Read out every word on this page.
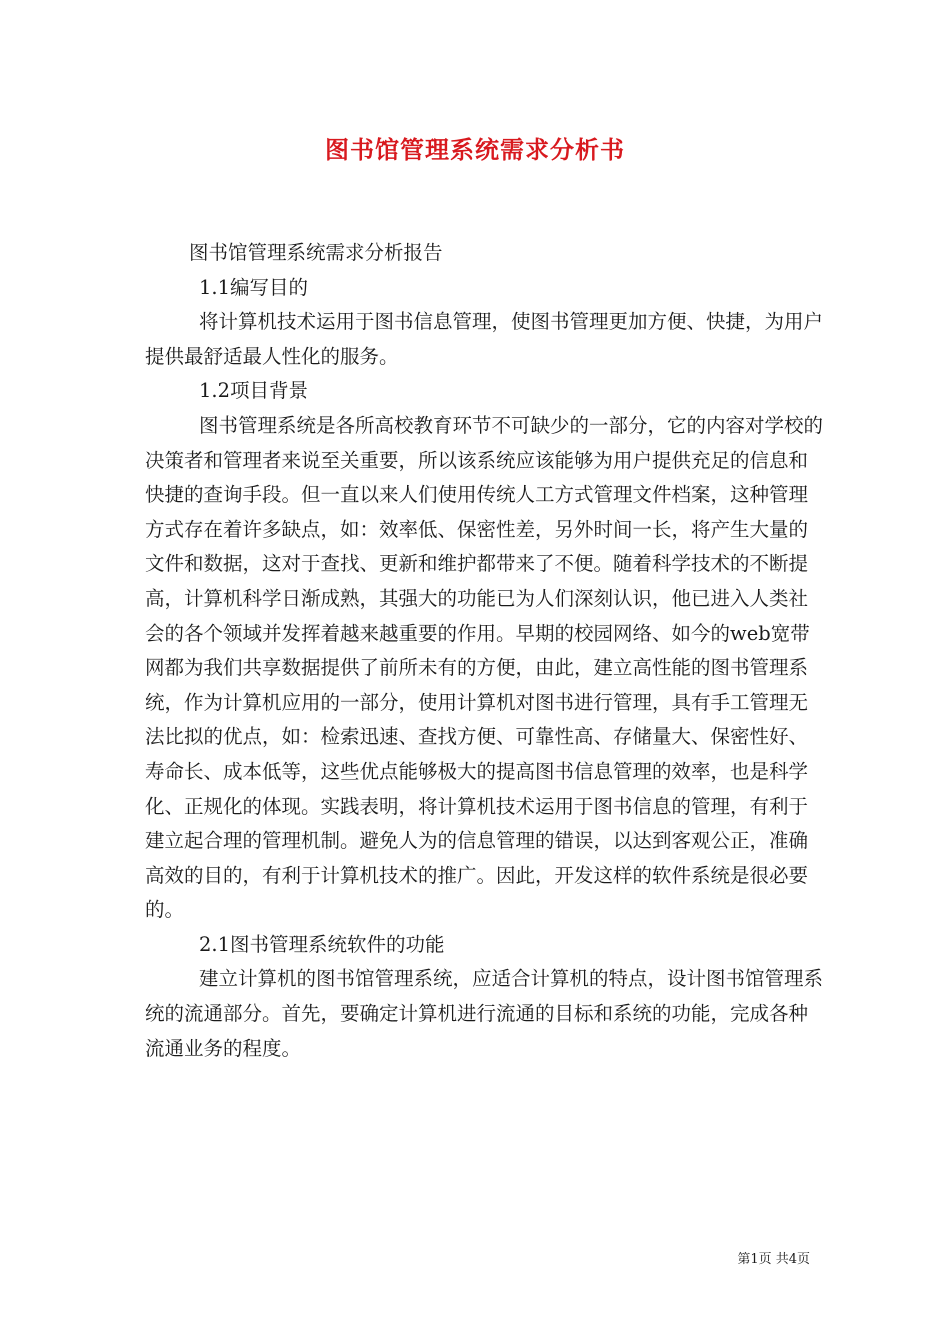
图书馆管理系统需求分析书

图书馆管理系统需求分析报告

1.1编写目的

将计算机技术运用于图书信息管理，使图书管理更加方便、快捷，为用户提供最舒适最人性化的服务。

1.2项目背景

图书管理系统是各所高校教育环节不可缺少的一部分，它的内容对学校的决策者和管理者来说至关重要，所以该系统应该能够为用户提供充足的信息和快捷的查询手段。但一直以来人们使用传统人工方式管理文件档案，这种管理方式存在着许多缺点，如：效率低、保密性差，另外时间一长，将产生大量的文件和数据，这对于查找、更新和维护都带来了不便。随着科学技术的不断提高，计算机科学日渐成熟，其强大的功能已为人们深刻认识，他已进入人类社会的各个领域并发挥着越来越重要的作用。早期的校园网络、如今的web宽带网都为我们共享数据提供了前所未有的方便，由此，建立高性能的图书管理系统，作为计算机应用的一部分，使用计算机对图书进行管理，具有手工管理无法比拟的优点，如：检索迅速、查找方便、可靠性高、存储量大、保密性好、寿命长、成本低等，这些优点能够极大的提高图书信息管理的效率，也是科学化、正规化的体现。实践表明，将计算机技术运用于图书信息的管理，有利于建立起合理的管理机制。避免人为的信息管理的错误，以达到客观公正，准确高效的目的，有利于计算机技术的推广。因此，开发这样的软件系统是很必要的。

2.1图书管理系统软件的功能

建立计算机的图书馆管理系统，应适合计算机的特点，设计图书馆管理系统的流通部分。首先，要确定计算机进行流通的目标和系统的功能，完成各种流通业务的程度。

第1页 共4页
